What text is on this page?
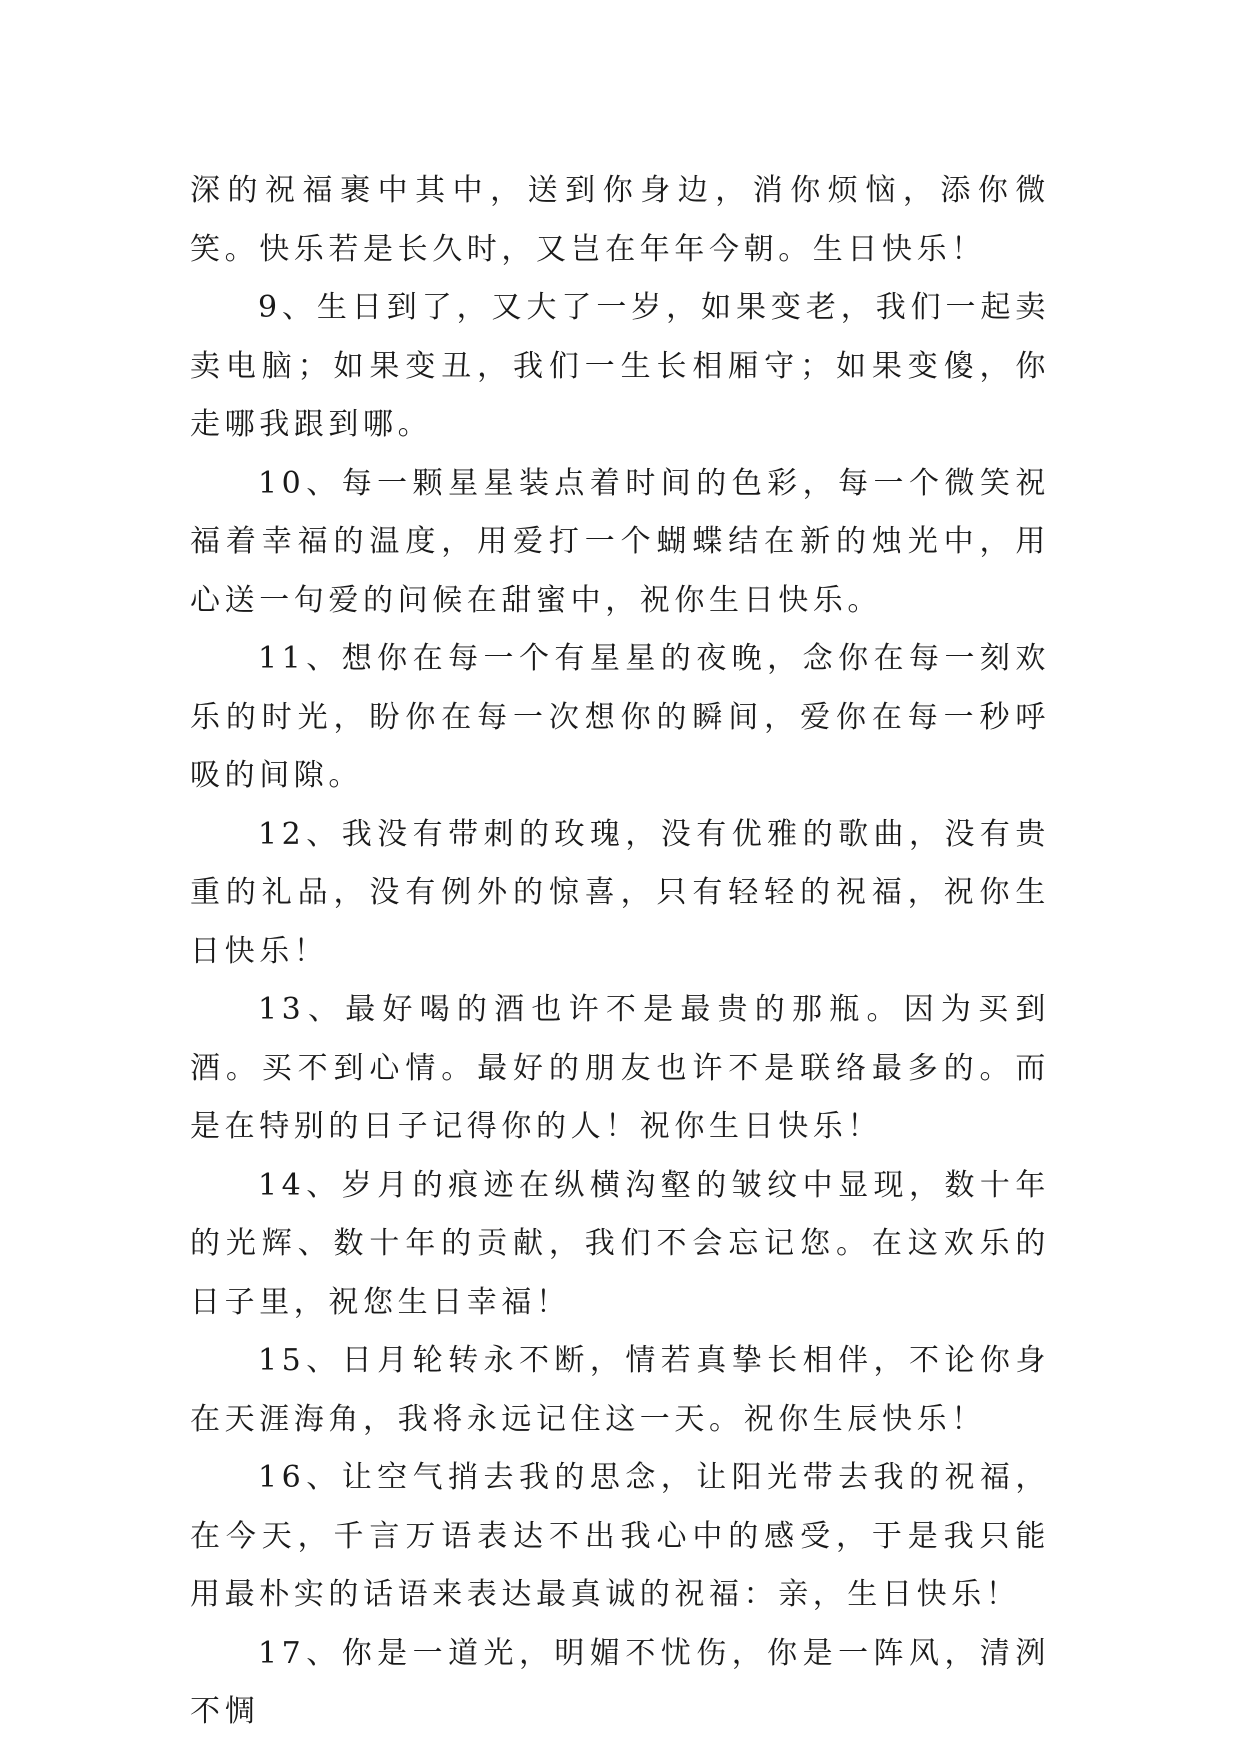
深的祝福裹中其中，送到你身边，消你烦恼，添你微笑。快乐若是长久时，又岂在年年今朝。生日快乐！

9、生日到了，又大了一岁，如果变老，我们一起卖卖电脑；如果变丑，我们一生长相厢守；如果变傻，你走哪我跟到哪。

10、每一颗星星装点着时间的色彩，每一个微笑祝福着幸福的温度，用爱打一个蝴蝶结在新的烛光中，用心送一句爱的问候在甜蜜中，祝你生日快乐。

11、想你在每一个有星星的夜晚，念你在每一刻欢乐的时光，盼你在每一次想你的瞬间，爱你在每一秒呼吸的间隙。

12、我没有带刺的玫瑰，没有优雅的歌曲，没有贵重的礼品，没有例外的惊喜，只有轻轻的祝福，祝你生日快乐！

13、最好喝的酒也许不是最贵的那瓶。因为买到酒。买不到心情。最好的朋友也许不是联络最多的。而是在特别的日子记得你的人！祝你生日快乐！

14、岁月的痕迹在纵横沟壑的皱纹中显现，数十年的光辉、数十年的贡献，我们不会忘记您。在这欢乐的日子里，祝您生日幸福！

15、日月轮转永不断，情若真挚长相伴，不论你身在天涯海角，我将永远记住这一天。祝你生辰快乐！

16、让空气捎去我的思念，让阳光带去我的祝福，在今天，千言万语表达不出我心中的感受，于是我只能用最朴实的话语来表达最真诚的祝福：亲，生日快乐！

17、你是一道光，明媚不忧伤，你是一阵风，清洌不惆
